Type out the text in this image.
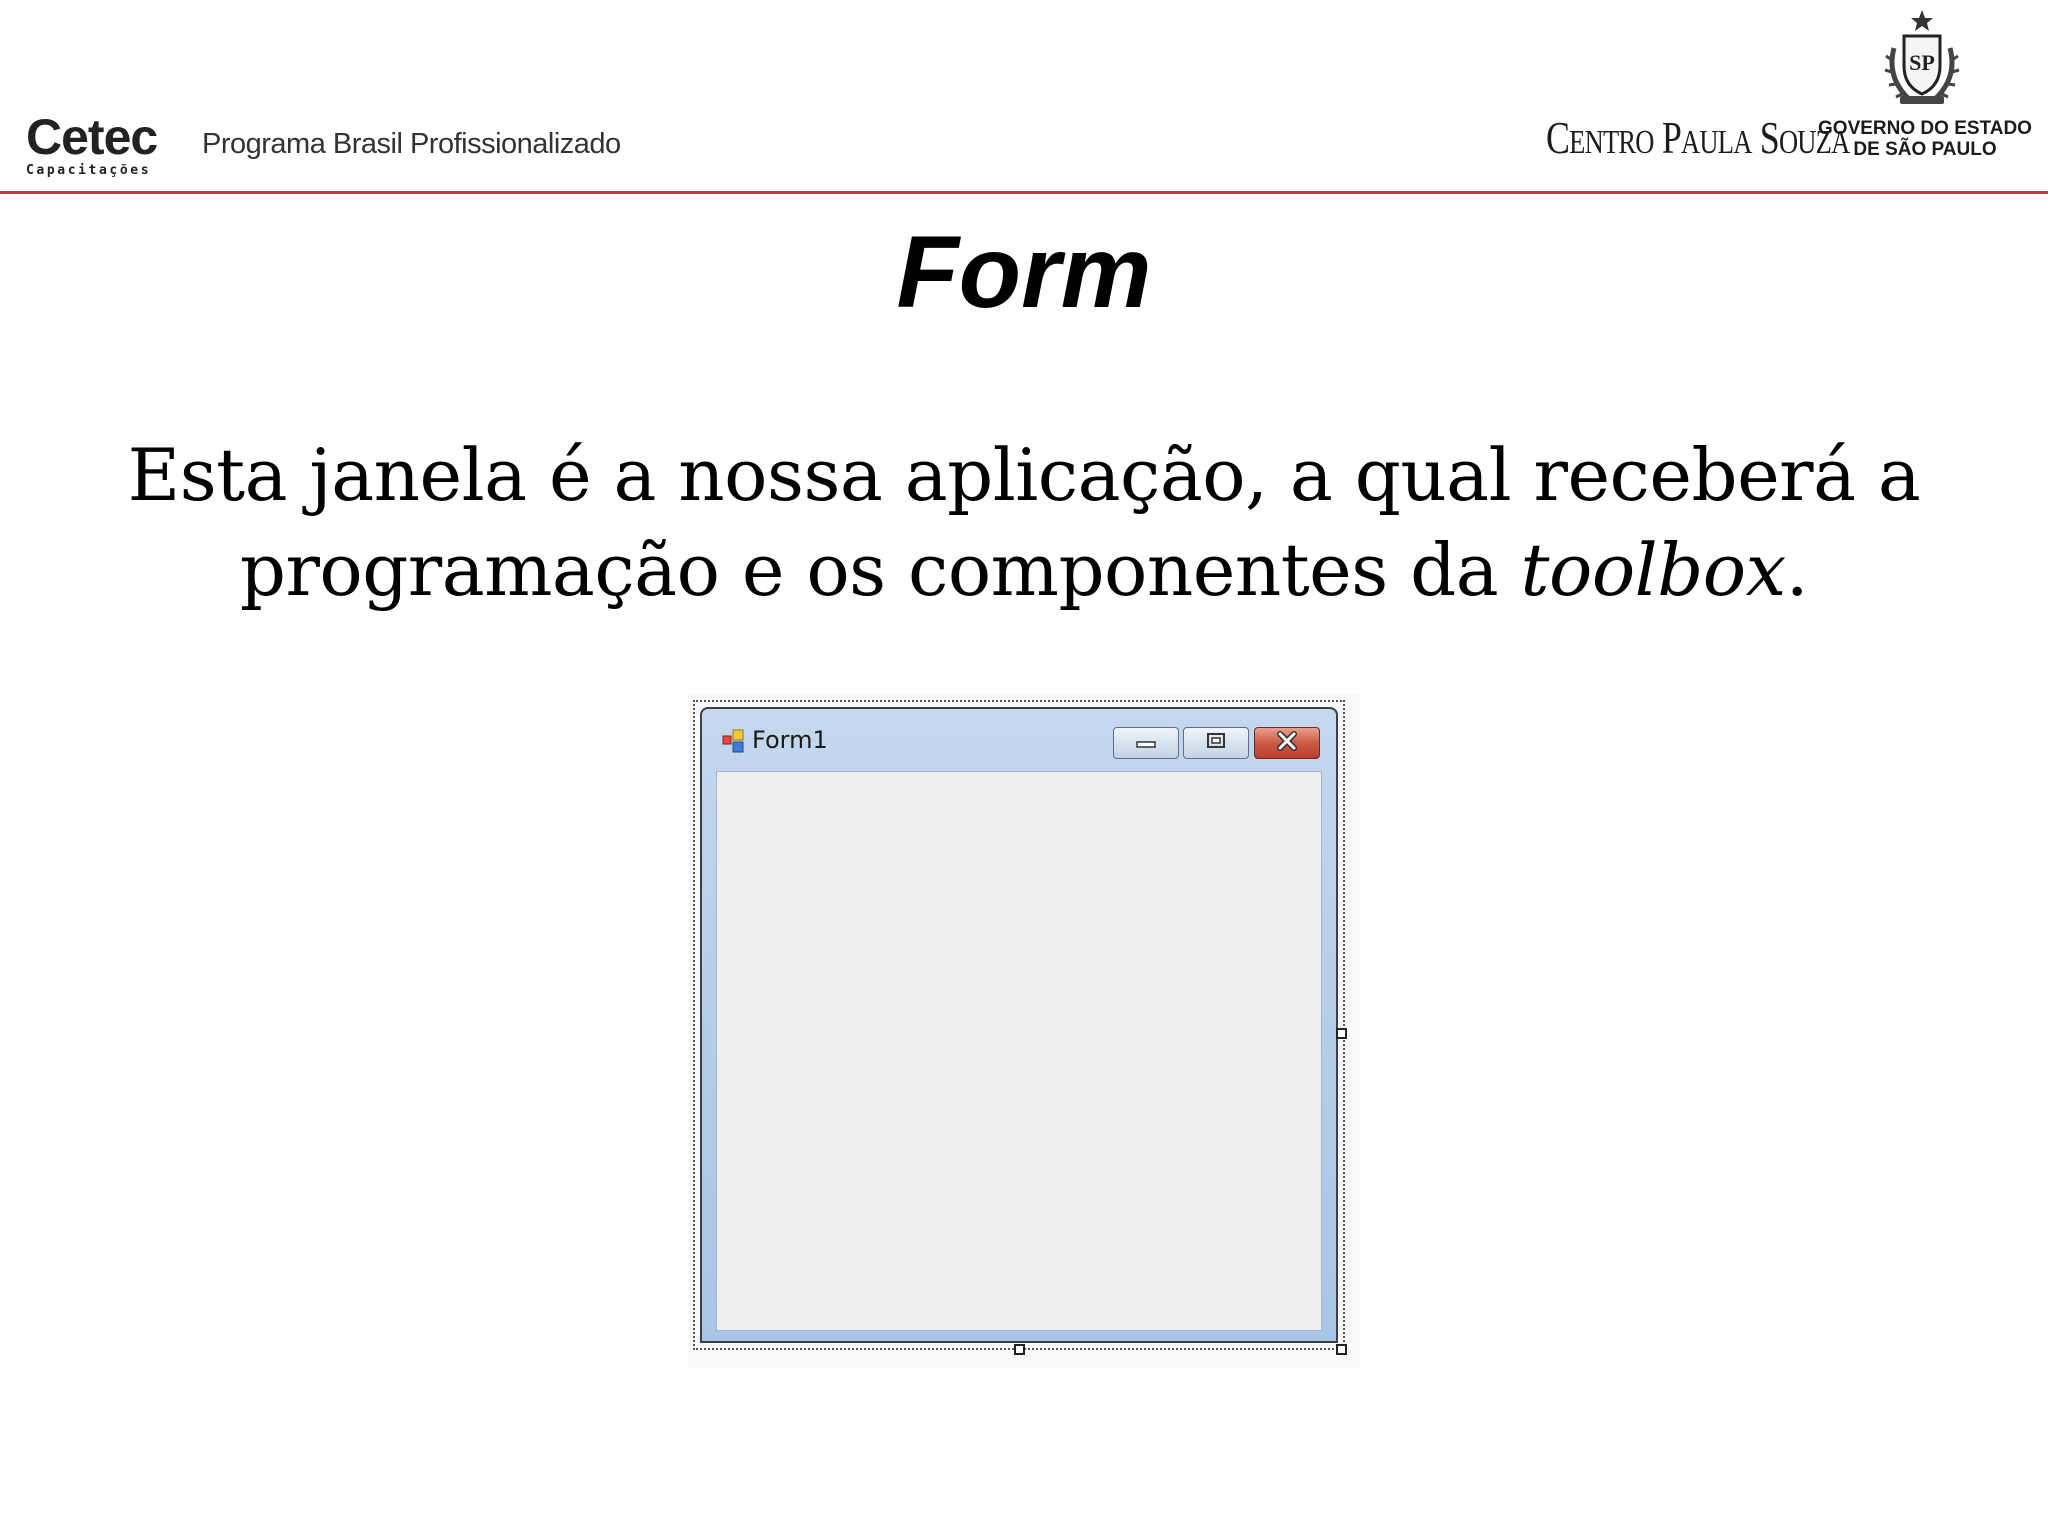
Cetec
Capacitações
Programa Brasil Profissionalizado	CENTRO PAULA SOUZA
SP
GOVERNO DO ESTADO
DE SÃO PAULO
Form
Esta janela é a nossa aplicação, a qual receberá a
programação e os componentes da toolbox.
Form1
